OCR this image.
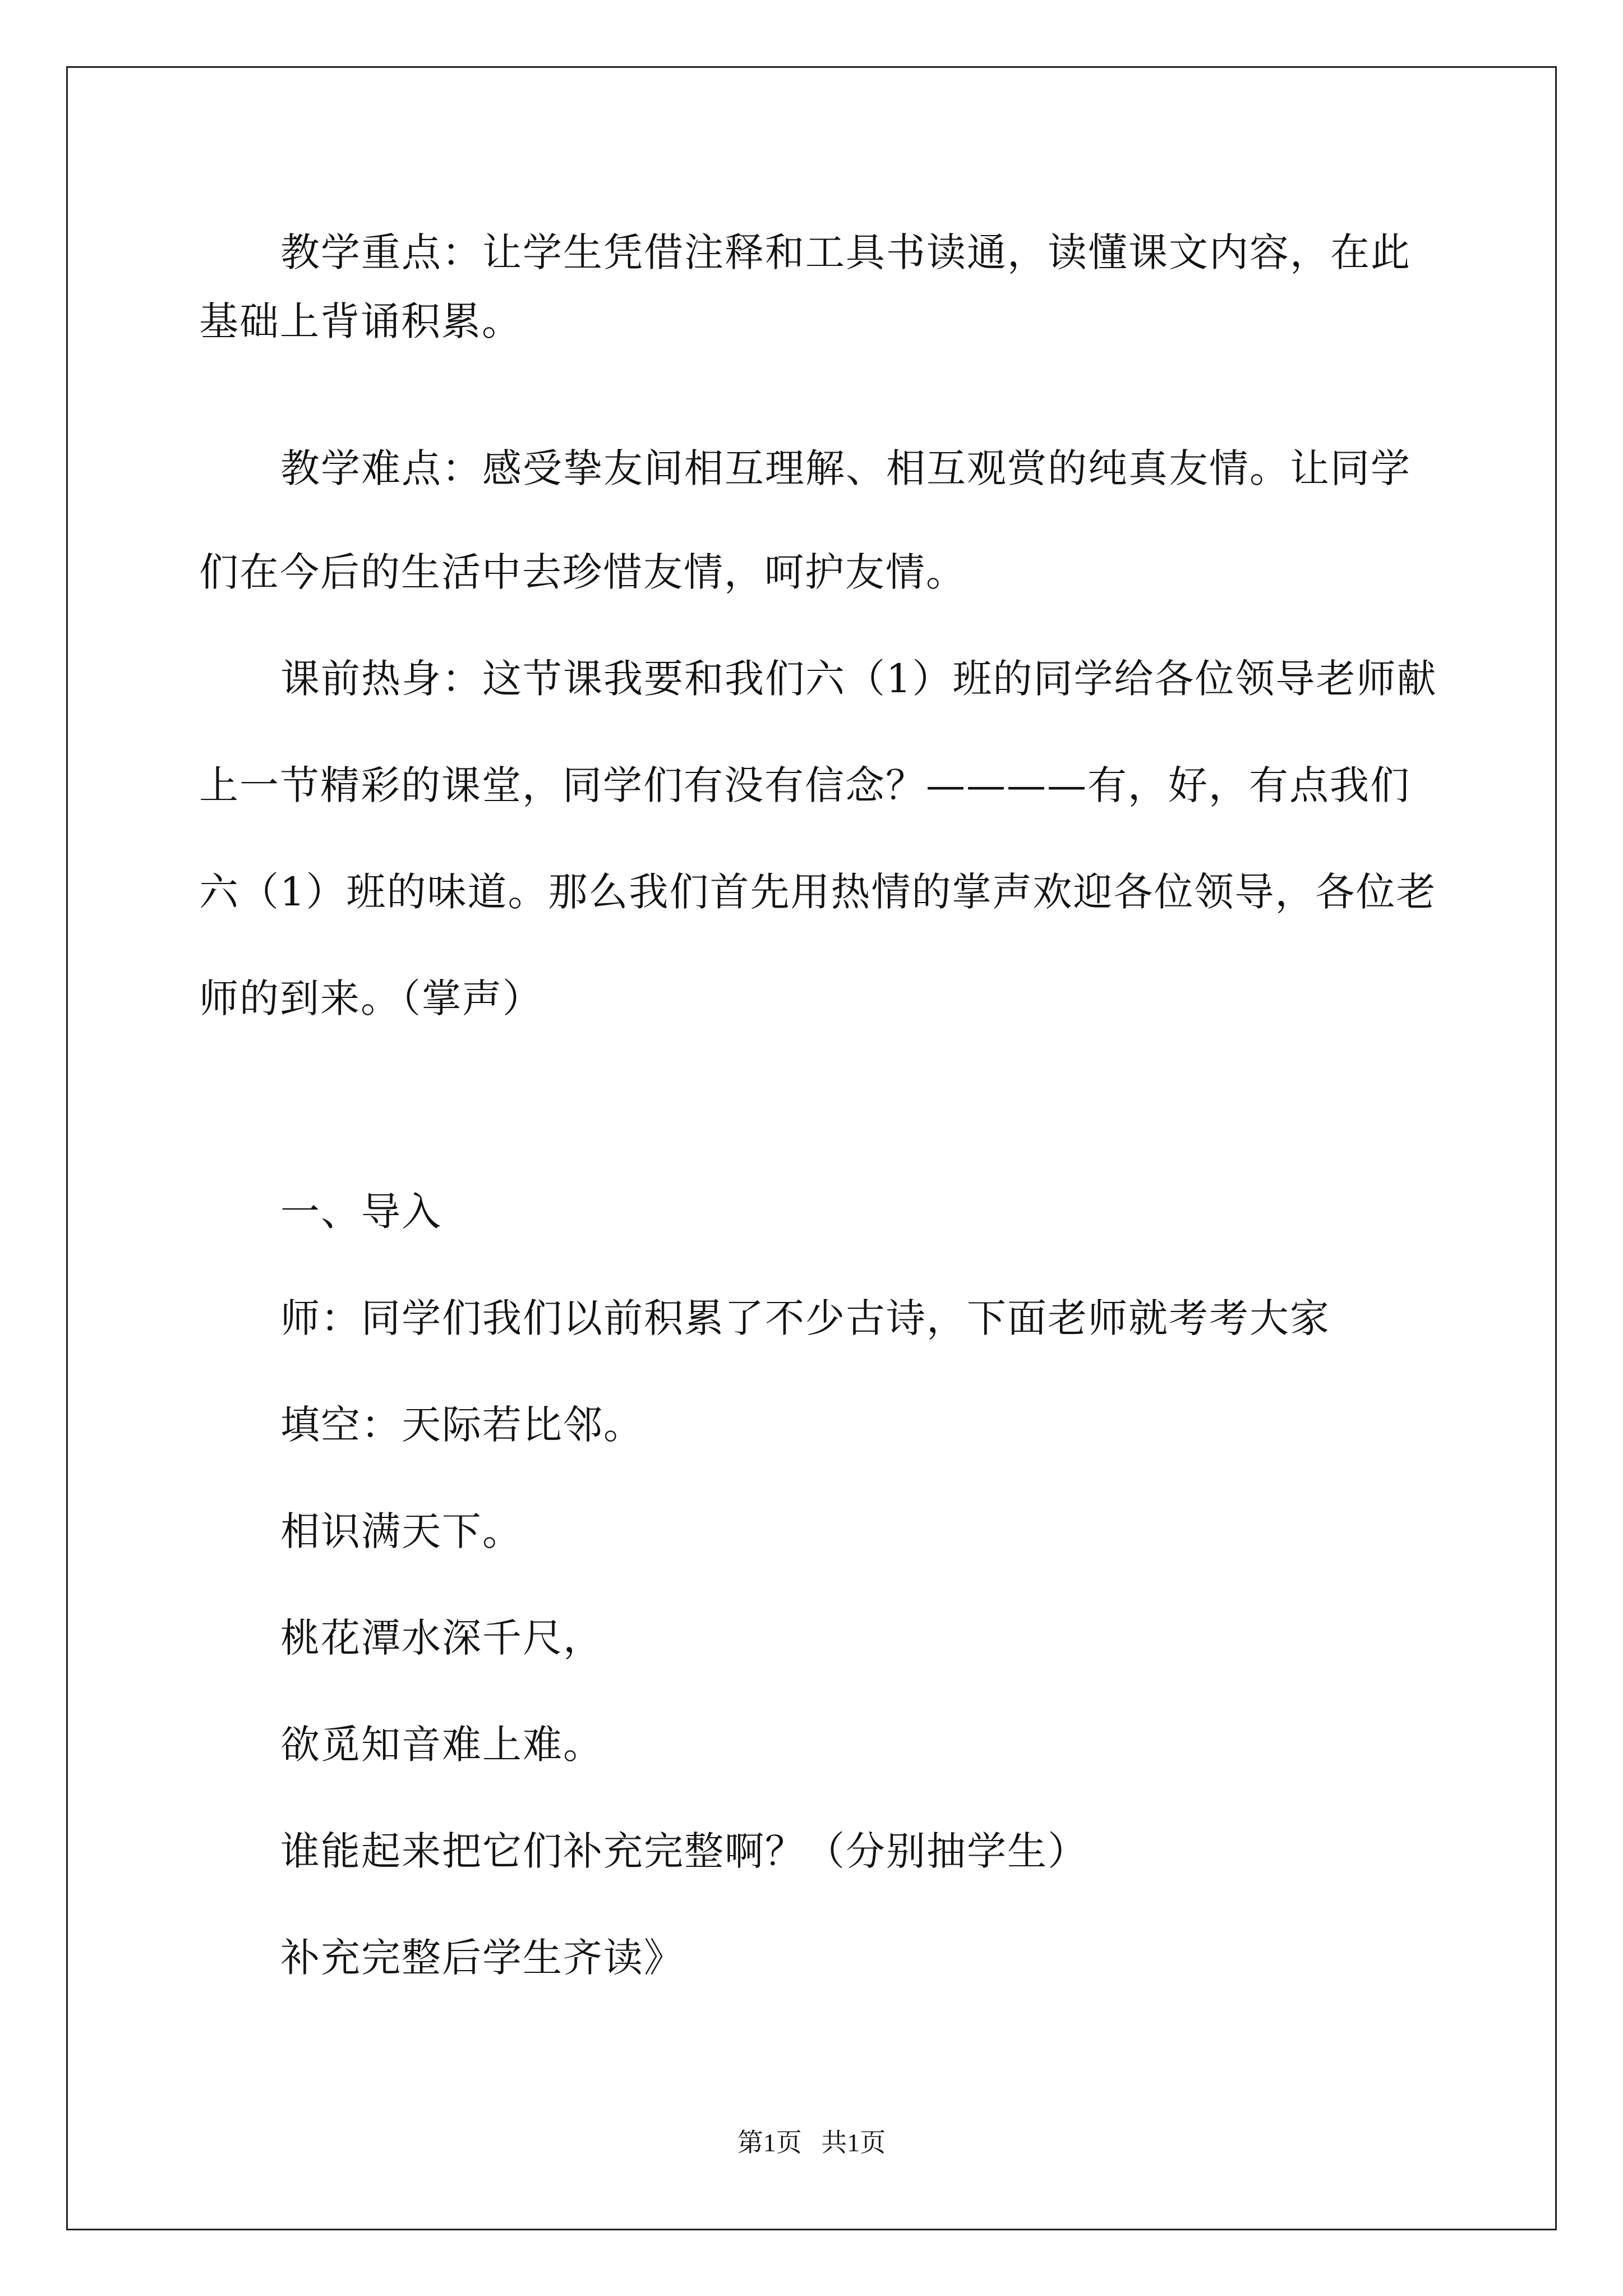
教学重点：让学生凭借注释和工具书读通，读懂课文内容，在此
基础上背诵积累。
教学难点：感受挚友间相互理解、相互观赏的纯真友情。让同学
们在今后的生活中去珍惜友情，呵护友情。
课前热身：这节课我要和我们六（1）班的同学给各位领导老师献
上一节精彩的课堂，同学们有没有信念？————有，好，有点我们
六（1）班的味道。那么我们首先用热情的掌声欢迎各位领导，各位老
师的到来。（掌声）
一、导入
师：同学们我们以前积累了不少古诗，下面老师就考考大家
填空：天际若比邻。
相识满天下。
桃花潭水深千尺，
欲觅知音难上难。
谁能起来把它们补充完整啊？（分别抽学生）
补充完整后学生齐读》
第1页   共1页
